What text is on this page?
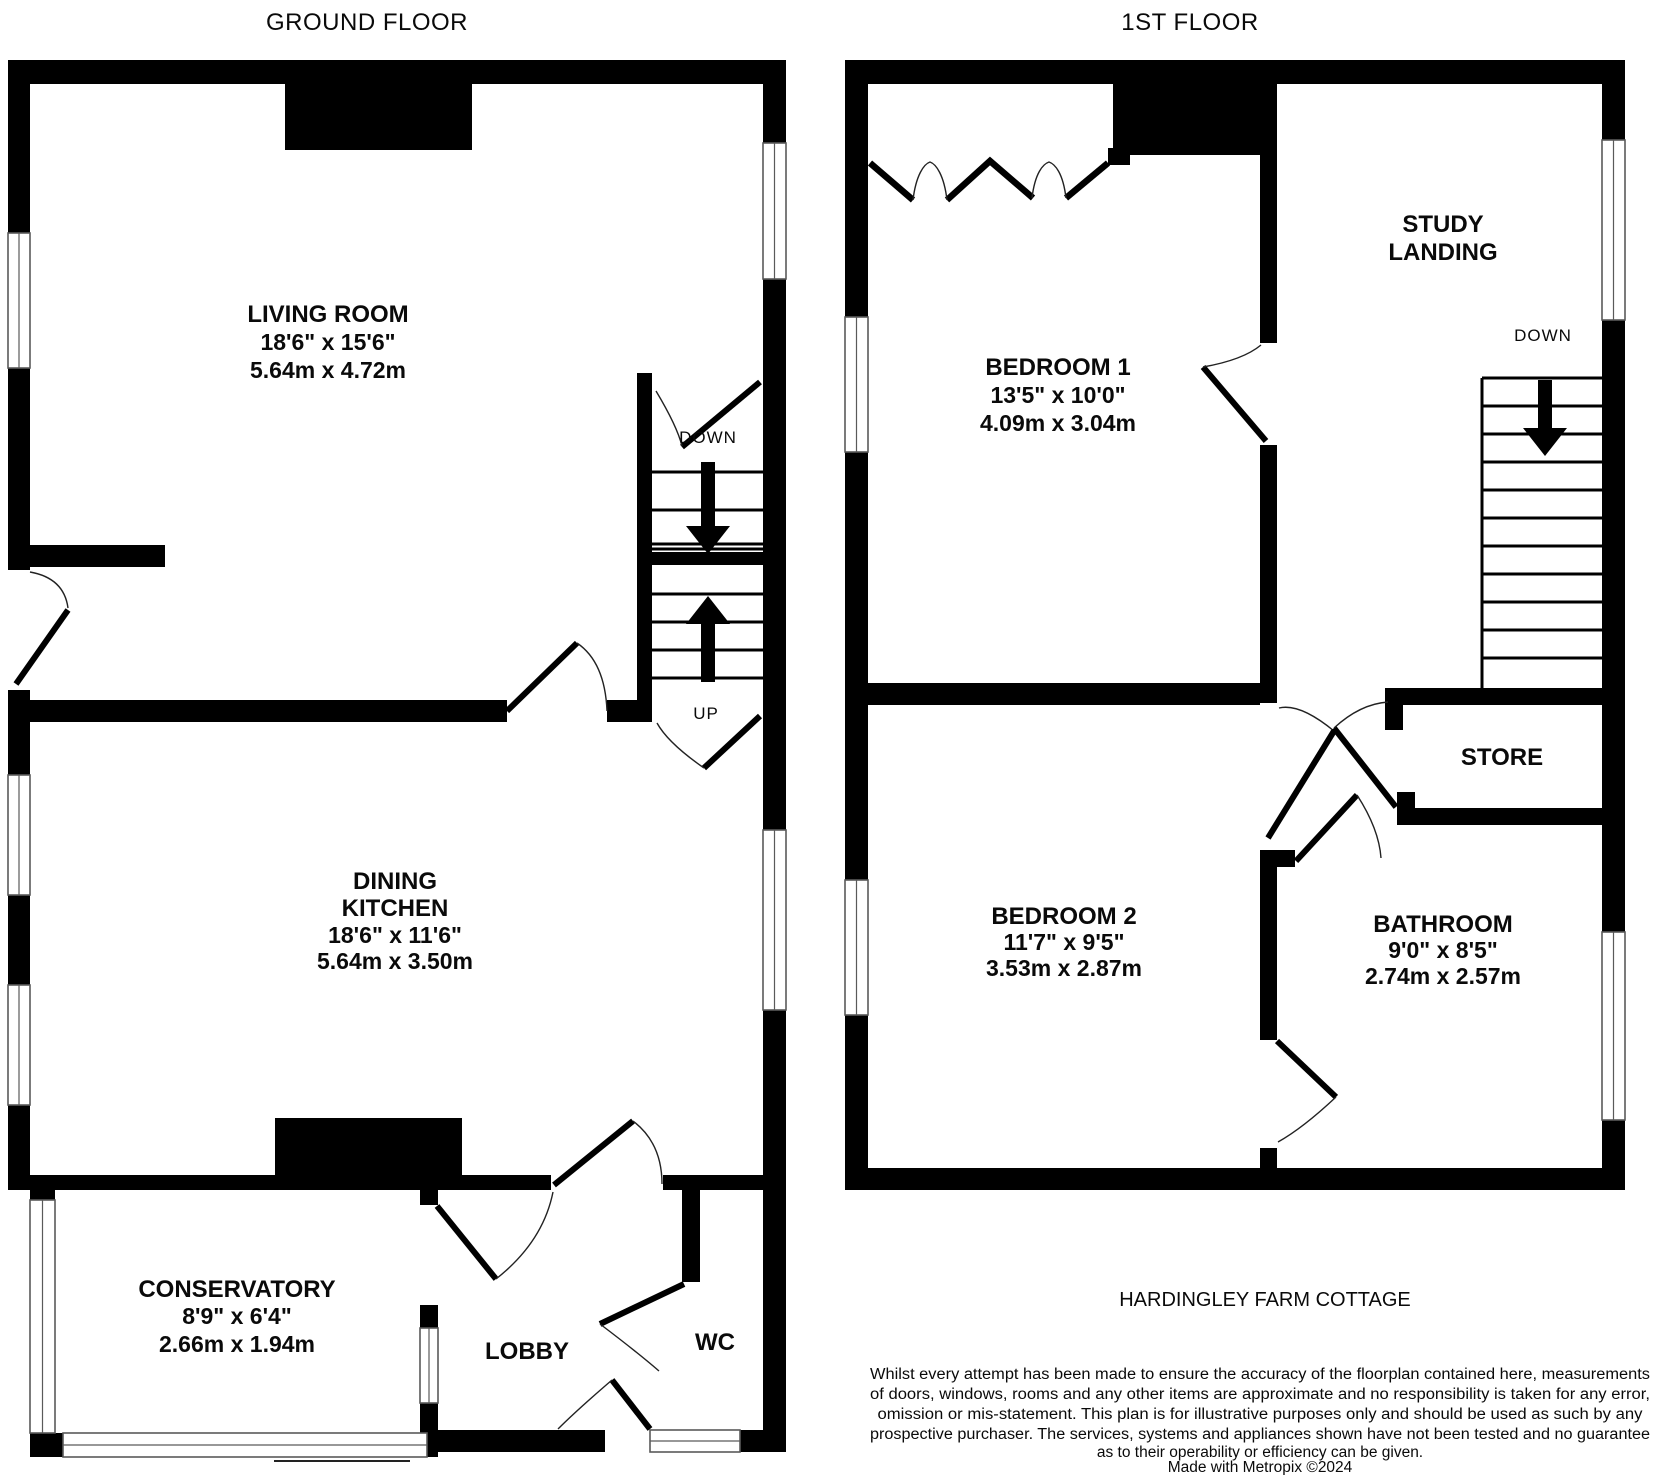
GROUND FLOOR
DOWN
UP
LIVING ROOM
18'6" x 15'6"
5.64m x 4.72m
DINING
KITCHEN
18'6" x 11'6"
5.64m x 3.50m
CONSERVATORY
8'9" x 6'4"
2.66m x 1.94m	LOBBY	WC
1ST FLOOR
DOWN
STUDY
LANDING
BEDROOM 1
13'5" x 10'0"
4.09m x 3.04m
BEDROOM 2
11'7" x 9'5"
3.53m x 2.87m
BATHROOM
9'0" x 8'5"
2.74m x 2.57m
STORE
HARDINGLEY FARM COTTAGE
Whilst every attempt has been made to ensure the accuracy of the floorplan contained here, measurements
of doors, windows, rooms and any other items are approximate and no responsibility is taken for any error,
omission or mis-statement. This plan is for illustrative purposes only and should be used as such by any
prospective purchaser. The services, systems and appliances shown have not been tested and no guarantee
as to their operability or efficiency can be given.
Made with Metropix ©2024
